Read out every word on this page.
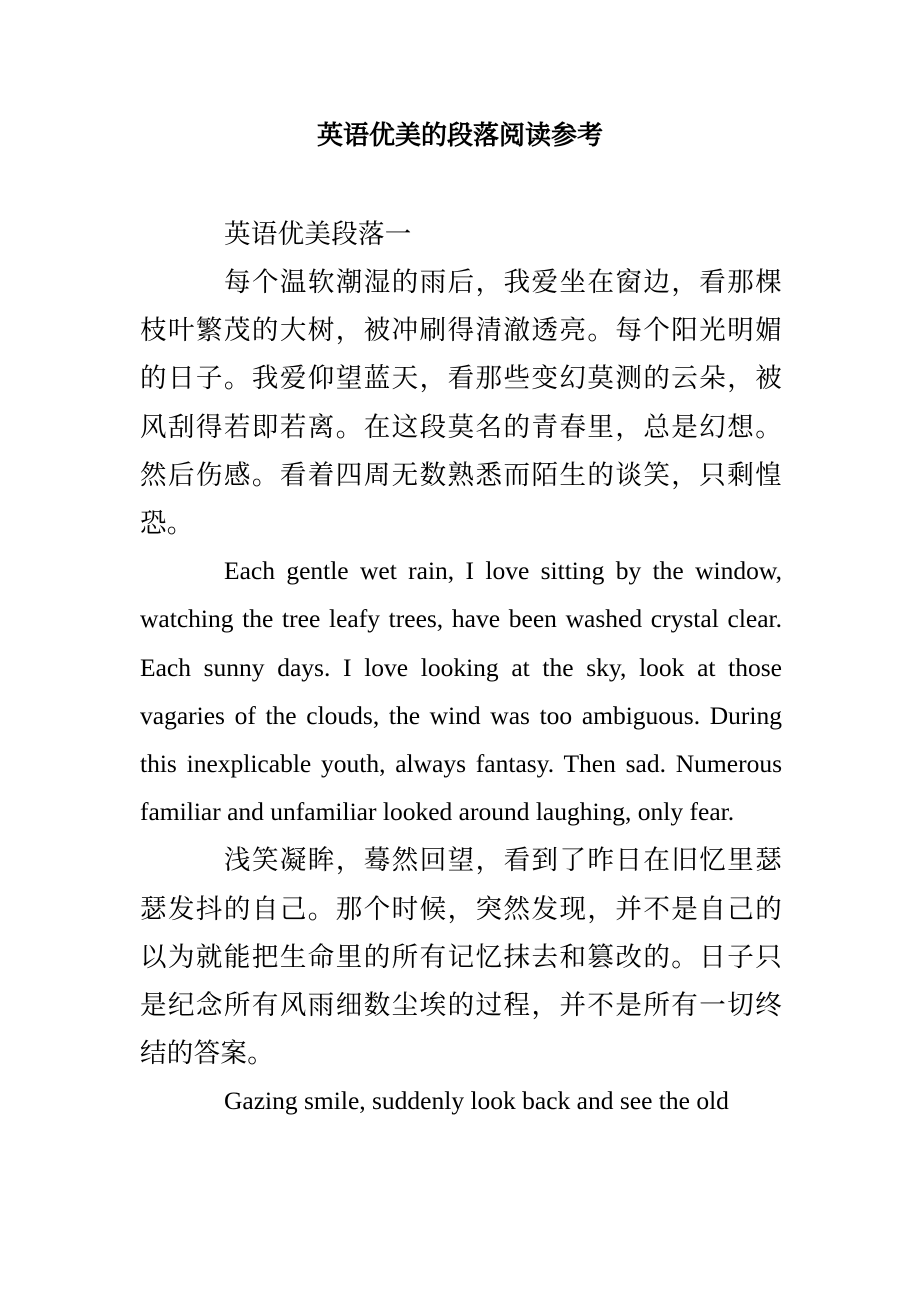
英语优美的段落阅读参考

英语优美段落一

每个温软潮湿的雨后，我爱坐在窗边，看那棵枝叶繁茂的大树，被冲刷得清澈透亮。每个阳光明媚的日子。我爱仰望蓝天，看那些变幻莫测的云朵，被风刮得若即若离。在这段莫名的青春里，总是幻想。然后伤感。看着四周无数熟悉而陌生的谈笑，只剩惶恐。

Each gentle wet rain, I love sitting by the window, watching the tree leafy trees, have been washed crystal clear. Each sunny days. I love looking at the sky, look at those vagaries of the clouds, the wind was too ambiguous. During this inexplicable youth, always fantasy. Then sad. Numerous familiar and unfamiliar looked around laughing, only fear.

浅笑凝眸，蓦然回望，看到了昨日在旧忆里瑟瑟发抖的自己。那个时候，突然发现，并不是自己的以为就能把生命里的所有记忆抹去和篡改的。日子只是纪念所有风雨细数尘埃的过程，并不是所有一切终结的答案。

Gazing smile, suddenly look back and see the old
